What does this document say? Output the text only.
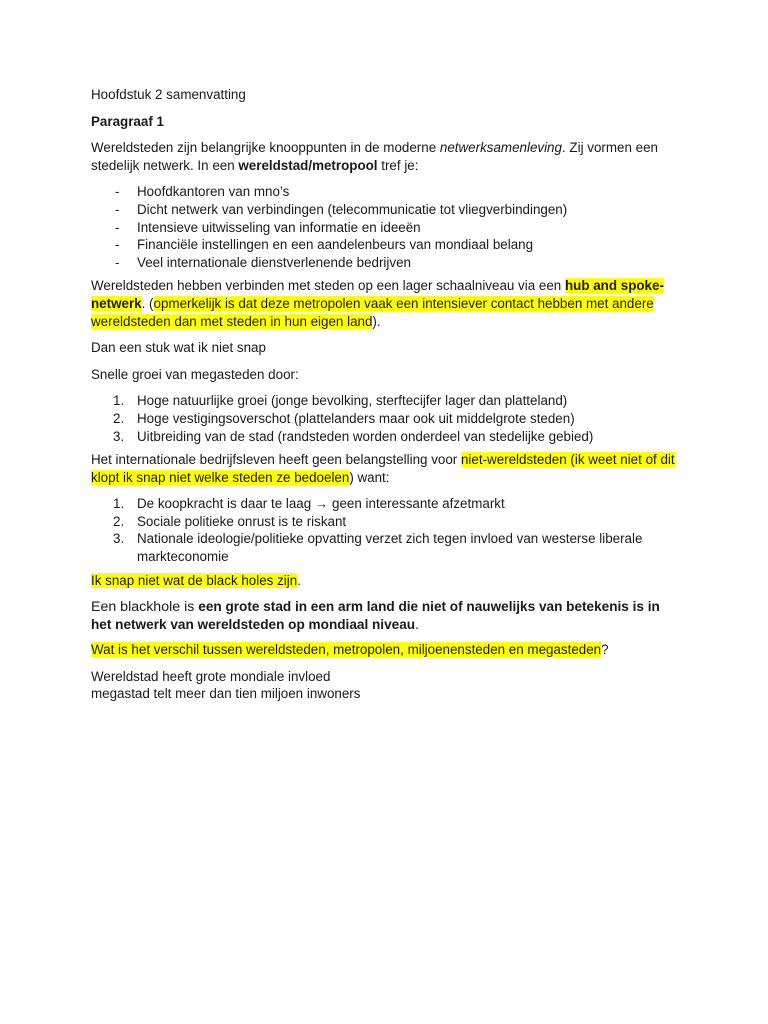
Hoofdstuk 2 samenvatting

Paragraaf 1

Wereldsteden zijn belangrijke knooppunten in de moderne netwerksamenleving. Zij vormen een stedelijk netwerk. In een wereldstad/metropool tref je:

- Hoofdkantoren van mno’s
- Dicht netwerk van verbindingen (telecommunicatie tot vliegverbindingen)
- Intensieve uitwisseling van informatie en ideeën
- Financiële instellingen en een aandelenbeurs van mondiaal belang
- Veel internationale dienstverlenende bedrijven

Wereldsteden hebben verbinden met steden op een lager schaalniveau via een hub and spoke-netwerk. (opmerkelijk is dat deze metropolen vaak een intensiever contact hebben met andere wereldsteden dan met steden in hun eigen land).

Dan een stuk wat ik niet snap

Snelle groei van megasteden door:

1. Hoge natuurlijke groei (jonge bevolking, sterftecijfer lager dan platteland)
2. Hoge vestigingsoverschot (plattelanders maar ook uit middelgrote steden)
3. Uitbreiding van de stad (randsteden worden onderdeel van stedelijke gebied)

Het internationale bedrijfsleven heeft geen belangstelling voor niet-wereldsteden (ik weet niet of dit klopt ik snap niet welke steden ze bedoelen) want:

1. De koopkracht is daar te laag → geen interessante afzetmarkt
2. Sociale politieke onrust is te riskant
3. Nationale ideologie/politieke opvatting verzet zich tegen invloed van westerse liberale markteconomie

Ik snap niet wat de black holes zijn.

Een blackhole is een grote stad in een arm land die niet of nauwelijks van betekenis is in het netwerk van wereldsteden op mondiaal niveau.

Wat is het verschil tussen wereldsteden, metropolen, miljoenensteden en megasteden?

Wereldstad heeft grote mondiale invloed

megastad telt meer dan tien miljoen inwoners
